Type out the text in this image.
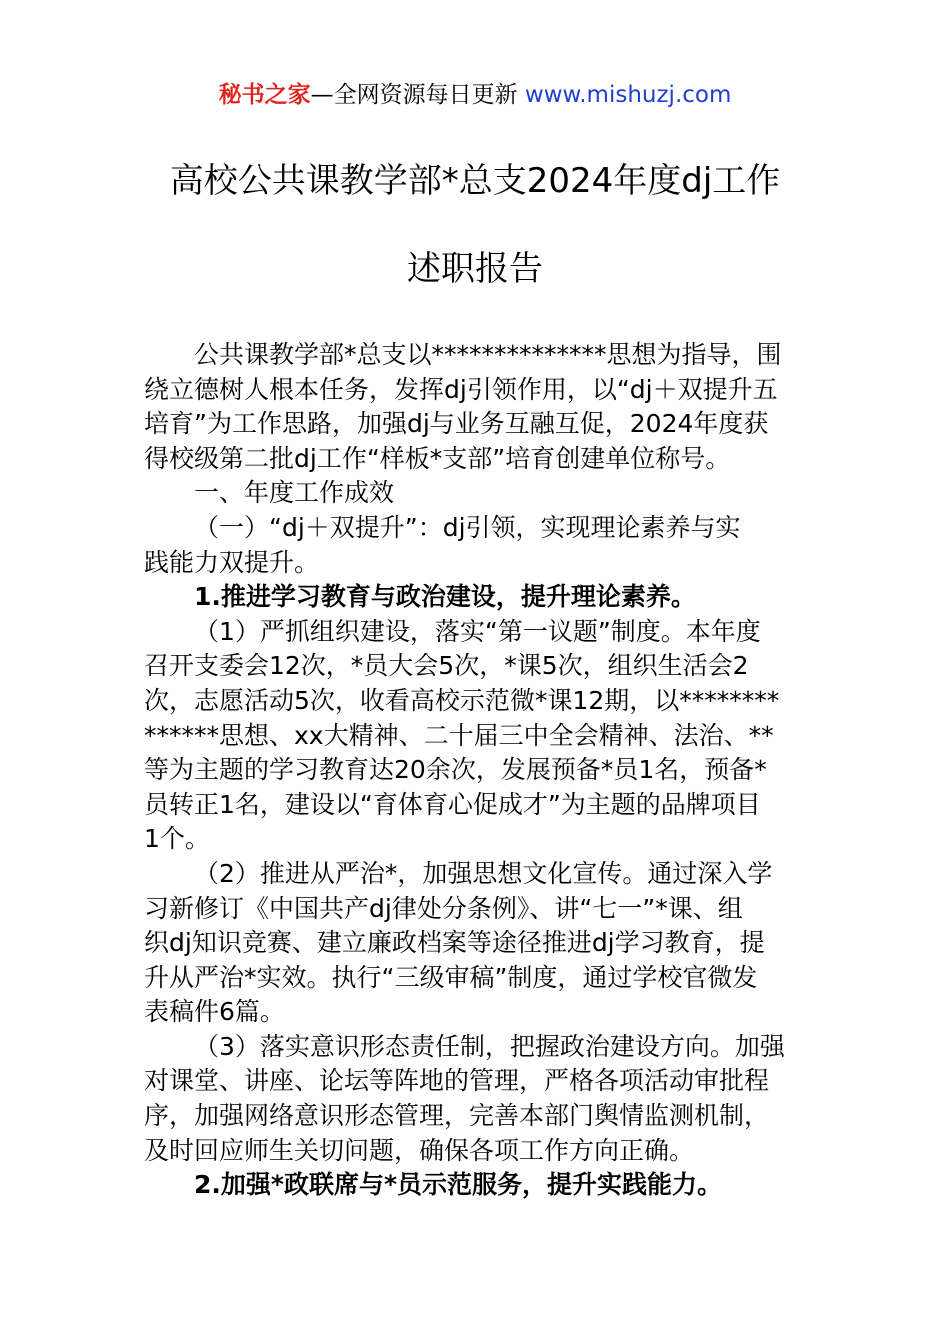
秘书之家—全网资源每日更新 www.mishuzj.com
高校公共课教学部*总支2024年度dj工作
述职报告
公共课教学部*总支以**************思想为指导，围
绕立德树人根本任务，发挥dj引领作用，以“dj＋双提升五
培育”为工作思路，加强dj与业务互融互促，2024年度获
得校级第二批dj工作“样板*支部”培育创建单位称号。
一、年度工作成效
（一）“dj＋双提升”：dj引领，实现理论素养与实
践能力双提升。
1.推进学习教育与政治建设，提升理论素养。
（1）严抓组织建设，落实“第一议题”制度。本年度
召开支委会12次，*员大会5次，*课5次，组织生活会2
次，志愿活动5次，收看高校示范微*课12期，以********
******思想、xx大精神、二十届三中全会精神、法治、**
等为主题的学习教育达20余次，发展预备*员1名，预备*
员转正1名，建设以“育体育心促成才”为主题的品牌项目
1个。
（2）推进从严治*，加强思想文化宣传。通过深入学
习新修订《中国共产dj律处分条例》、讲“七一”*课、组
织dj知识竞赛、建立廉政档案等途径推进dj学习教育，提
升从严治*实效。执行“三级审稿”制度，通过学校官微发
表稿件6篇。
（3）落实意识形态责任制，把握政治建设方向。加强
对课堂、讲座、论坛等阵地的管理，严格各项活动审批程
序，加强网络意识形态管理，完善本部门舆情监测机制，
及时回应师生关切问题，确保各项工作方向正确。
2.加强*政联席与*员示范服务，提升实践能力。
